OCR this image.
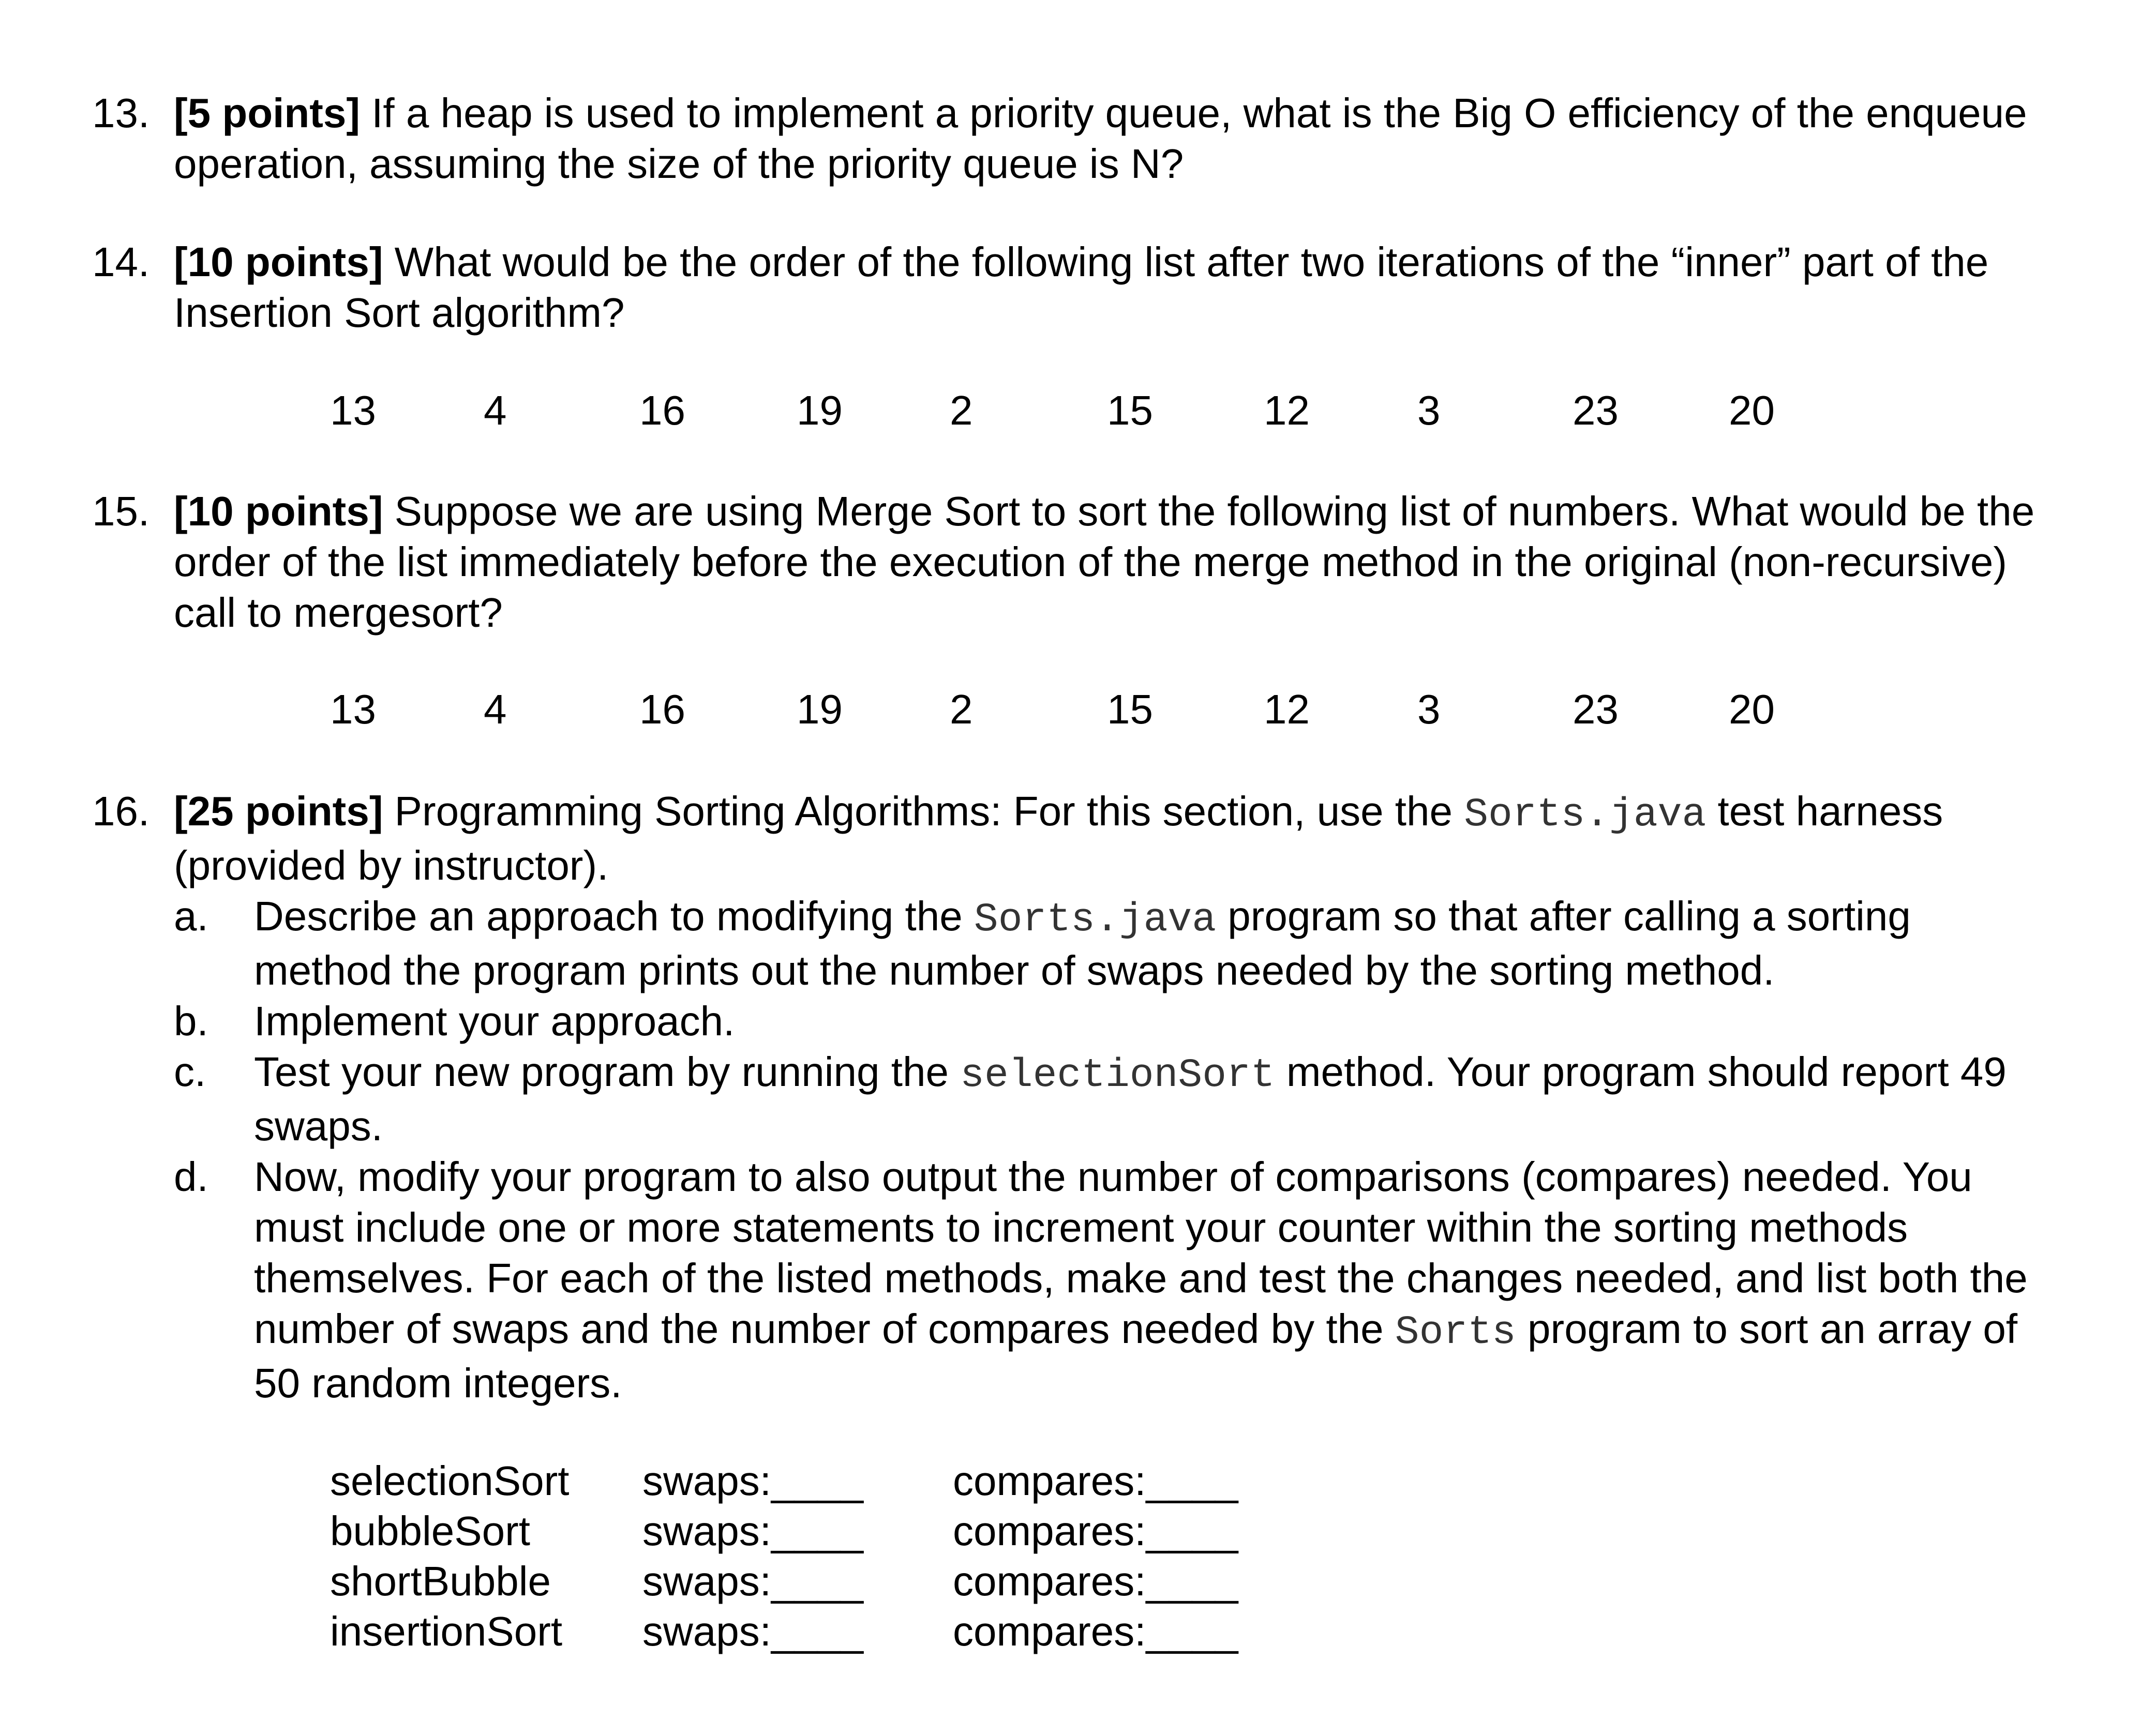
13. [5 points] If a heap is used to implement a priority queue, what is the Big O efficiency of the enqueue operation, assuming the size of the priority queue is N?
14. [10 points] What would be the order of the following list after two iterations of the “inner” part of the Insertion Sort algorithm?
13	4	16	19	2	15	12	3	23	20
15. [10 points] Suppose we are using Merge Sort to sort the following list of numbers. What would be the order of the list immediately before the execution of the merge method in the original (non-recursive) call to mergesort?
13	4	16	19	2	15	12	3	23	20
16. [25 points] Programming Sorting Algorithms: For this section, use the Sorts.java test harness (provided by instructor).
a. Describe an approach to modifying the Sorts.java program so that after calling a sorting method the program prints out the number of swaps needed by the sorting method.
b. Implement your approach.
c. Test your new program by running the selectionSort method. Your program should report 49 swaps.
d. Now, modify your program to also output the number of comparisons (compares) needed. You must include one or more statements to increment your counter within the sorting methods themselves. For each of the listed methods, make and test the changes needed, and list both the number of swaps and the number of compares needed by the Sorts program to sort an array of 50 random integers.
selectionSort swaps:____ compares:____
bubbleSort	swaps:____ compares:____
shortBubble swaps:____ compares:____
insertionSort swaps:____ compares:____
